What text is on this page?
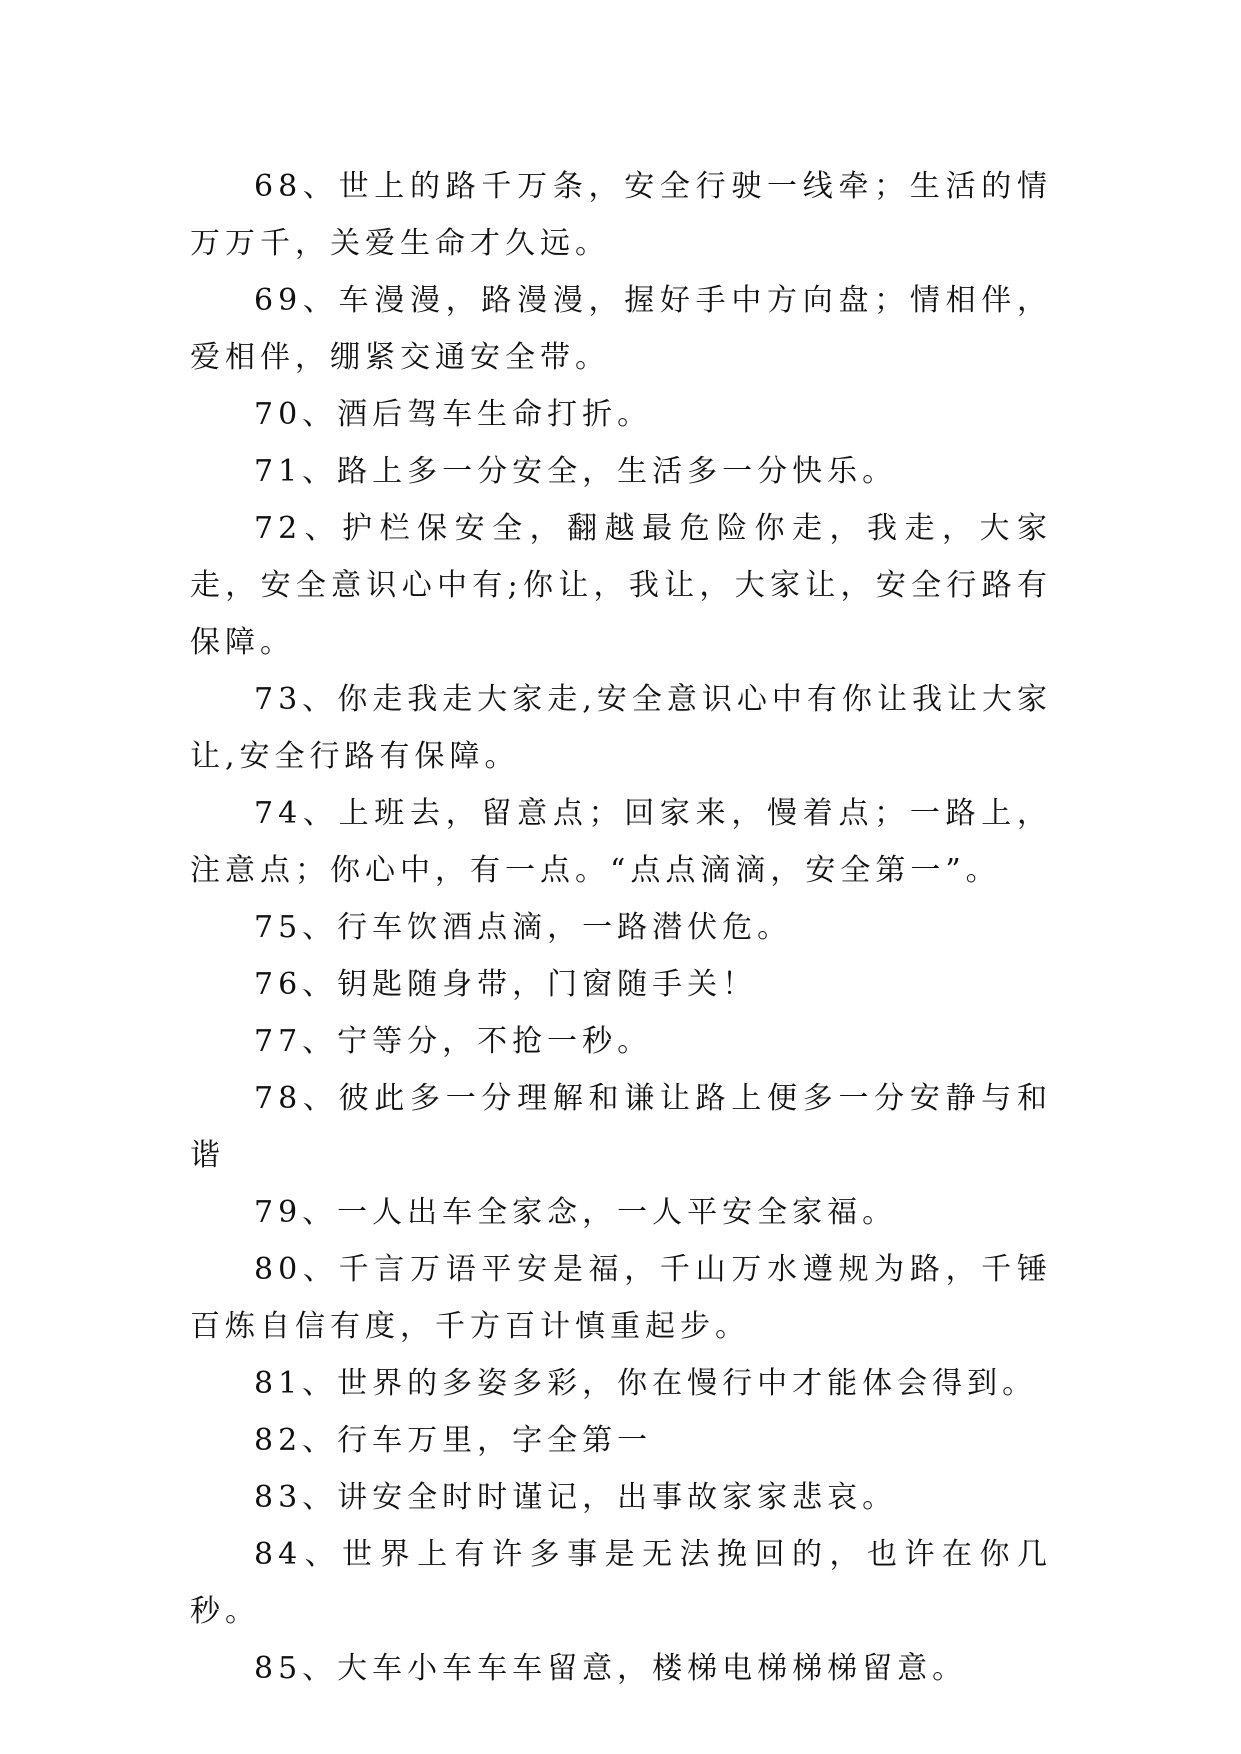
68、世上的路千万条，安全行驶一线牵；生活的情万万千，关爱生命才久远。

69、车漫漫，路漫漫，握好手中方向盘；情相伴，爱相伴，绷紧交通安全带。

70、酒后驾车生命打折。

71、路上多一分安全，生活多一分快乐。

72、护栏保安全，翻越最危险你走，我走，大家走，安全意识心中有;你让，我让，大家让，安全行路有保障。

73、你走我走大家走,安全意识心中有你让我让大家让,安全行路有保障。

74、上班去，留意点；回家来，慢着点；一路上，注意点；你心中，有一点。“点点滴滴，安全第一”。

75、行车饮酒点滴，一路潜伏危。

76、钥匙随身带，门窗随手关！

77、宁等分，不抢一秒。

78、彼此多一分理解和谦让路上便多一分安静与和谐

79、一人出车全家念，一人平安全家福。

80、千言万语平安是福，千山万水遵规为路，千锤百炼自信有度，千方百计慎重起步。

81、世界的多姿多彩，你在慢行中才能体会得到。

82、行车万里，字全第一

83、讲安全时时谨记，出事故家家悲哀。

84、世界上有许多事是无法挽回的，也许在你几秒。

85、大车小车车车留意，楼梯电梯梯梯留意。
